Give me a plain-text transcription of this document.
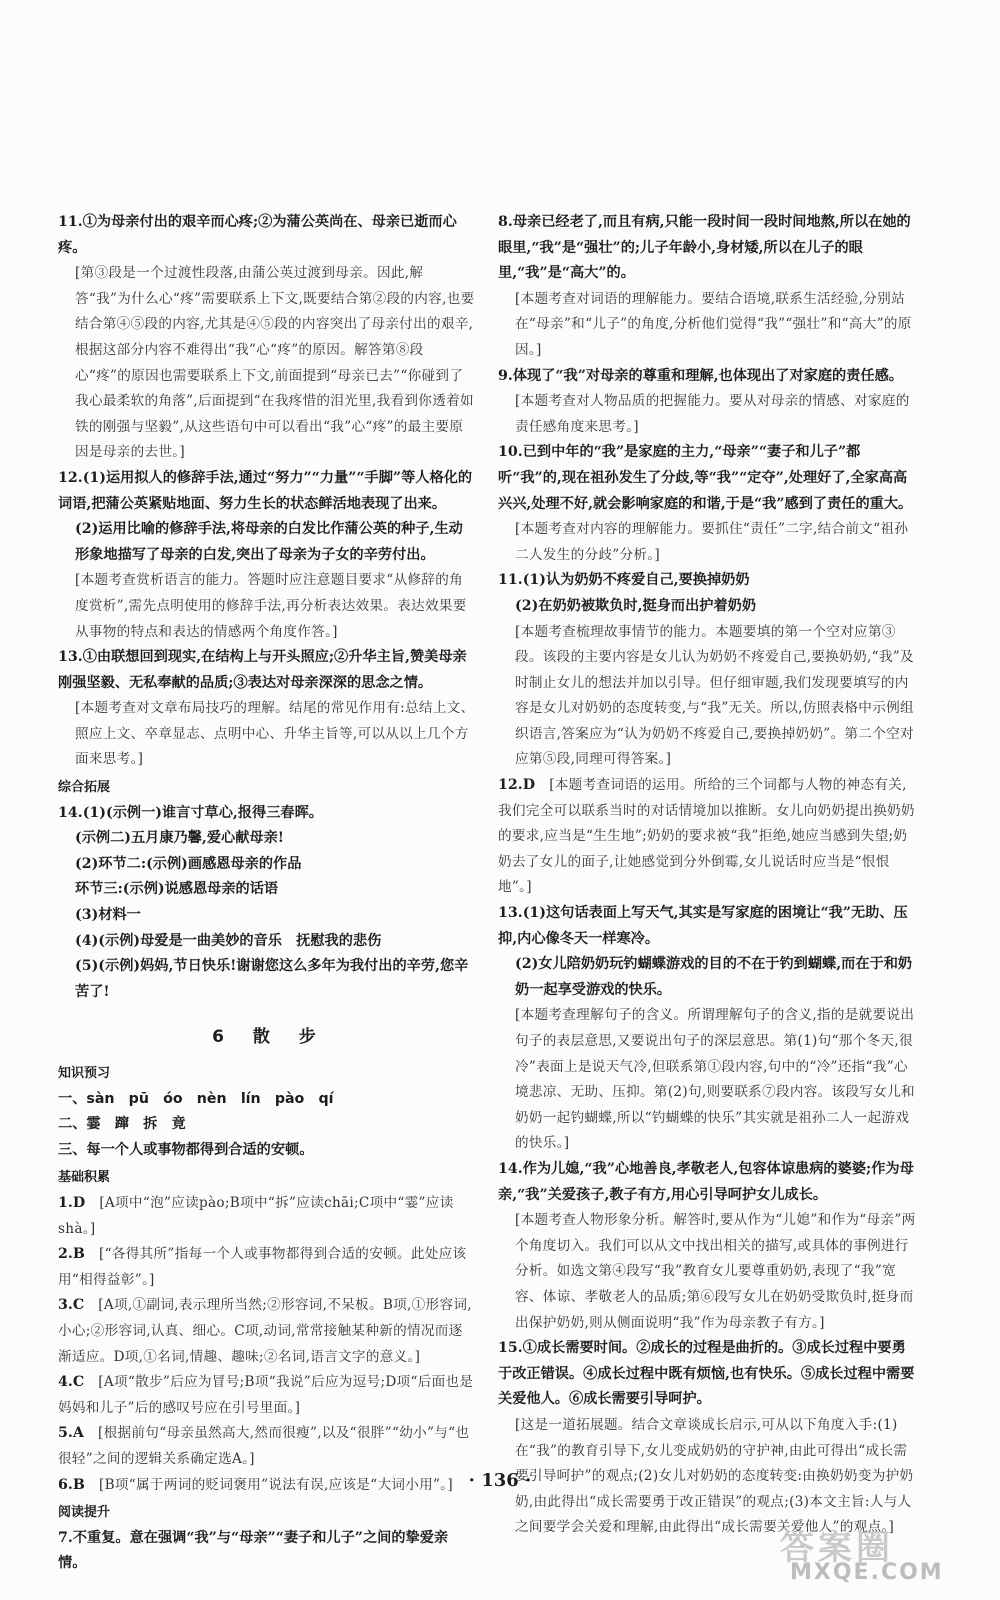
11.①为母亲付出的艰辛而心疼;②为蒲公英尚在、母亲已逝而心疼。
[第③段是一个过渡性段落,由蒲公英过渡到母亲。因此,解答“我”为什么心“疼”需要联系上下文,既要结合第②段的内容,也要结合第④⑤段的内容,尤其是④⑤段的内容突出了母亲付出的艰辛,根据这部分内容不难得出“我”心“疼”的原因。解答第⑧段心“疼”的原因也需要联系上下文,前面提到“母亲已去”“你碰到了我心最柔软的角落”,后面提到“在我疼惜的泪光里,我看到你透着如铁的刚强与坚毅”,从这些语句中可以看出“我”心“疼”的最主要原因是母亲的去世。]
12.(1)运用拟人的修辞手法,通过“努力”“力量”“手脚”等人格化的词语,把蒲公英紧贴地面、努力生长的状态鲜活地表现了出来。
(2)运用比喻的修辞手法,将母亲的白发比作蒲公英的种子,生动形象地描写了母亲的白发,突出了母亲为子女的辛劳付出。
[本题考查赏析语言的能力。答题时应注意题目要求“从修辞的角度赏析”,需先点明使用的修辞手法,再分析表达效果。表达效果要从事物的特点和表达的情感两个角度作答。]
13.①由联想回到现实,在结构上与开头照应;②升华主旨,赞美母亲刚强坚毅、无私奉献的品质;③表达对母亲深深的思念之情。
[本题考查对文章布局技巧的理解。结尾的常见作用有:总结上文、照应上文、卒章显志、点明中心、升华主旨等,可以从以上几个方面来思考。]
综合拓展
14.(1)(示例一)谁言寸草心,报得三春晖。
(示例二)五月康乃馨,爱心献母亲!
(2)环节二:(示例)画感恩母亲的作品
环节三:(示例)说感恩母亲的话语
(3)材料一
(4)(示例)母爱是一曲美妙的音乐　抚慰我的悲伤
(5)(示例)妈妈,节日快乐!谢谢您这么多年为我付出的辛劳,您辛苦了!
6　散　步
知识预习
一、sàn　pū　óo　nèn　lín　pào　qí
二、霎　蹿　拆　竟
三、每一个人或事物都得到合适的安顿。
基础积累
1.D  [A项中“泡”应读pào;B项中“拆”应读chāi;C项中“霎”应读shà。]
2.B  [“各得其所”指每一个人或事物都得到合适的安顿。此处应该用“相得益彰”。]
3.C  [A项,①副词,表示理所当然;②形容词,不呆板。B项,①形容词,小心;②形容词,认真、细心。C项,动词,常常接触某种新的情况而逐渐适应。D项,①名词,情趣、趣味;②名词,语言文字的意义。]
4.C  [A项“散步”后应为冒号;B项“我说”后应为逗号;D项“后面也是妈妈和儿子”后的感叹号应在引号里面。]
5.A  [根据前句“母亲虽然高大,然而很瘦”,以及“很胖”“幼小”与“也很轻”之间的逻辑关系确定选A。]
6.B  [B项“属于两词的贬词褒用”说法有误,应该是“大词小用”。]
阅读提升
7.不重复。意在强调“我”与“母亲”“妻子和儿子”之间的挚爱亲情。
8.母亲已经老了,而且有病,只能一段时间一段时间地熬,所以在她的眼里,“我”是“强壮”的;儿子年龄小,身材矮,所以在儿子的眼里,“我”是“高大”的。
[本题考查对词语的理解能力。要结合语境,联系生活经验,分别站在“母亲”和“儿子”的角度,分析他们觉得“我”“强壮”和“高大”的原因。]
9.体现了“我”对母亲的尊重和理解,也体现出了对家庭的责任感。
[本题考查对人物品质的把握能力。要从对母亲的情感、对家庭的责任感角度来思考。]
10.已到中年的“我”是家庭的主力,“母亲”“妻子和儿子”都听“我”的,现在祖孙发生了分歧,等“我”“定夺”,处理好了,全家高高兴兴,处理不好,就会影响家庭的和谐,于是“我”感到了责任的重大。
[本题考查对内容的理解能力。要抓住“责任”二字,结合前文“祖孙二人发生的分歧”分析。]
11.(1)认为奶奶不疼爱自己,要换掉奶奶
(2)在奶奶被欺负时,挺身而出护着奶奶
[本题考查梳理故事情节的能力。本题要填的第一个空对应第③段。该段的主要内容是女儿认为奶奶不疼爱自己,要换奶奶,“我”及时制止女儿的想法并加以引导。但仔细审题,我们发现要填写的内容是女儿对奶奶的态度转变,与“我”无关。所以,仿照表格中示例组织语言,答案应为“认为奶奶不疼爱自己,要换掉奶奶”。第二个空对应第⑤段,同理可得答案。]
12.D  [本题考查词语的运用。所给的三个词都与人物的神态有关,我们完全可以联系当时的对话情境加以推断。女儿向奶奶提出换奶奶的要求,应当是“生生地”;奶奶的要求被“我”拒绝,她应当感到失望;奶奶去了女儿的面子,让她感觉到分外倒霉,女儿说话时应当是“恨恨地”。]
13.(1)这句话表面上写天气,其实是写家庭的困境让“我”无助、压抑,内心像冬天一样寒冷。
(2)女儿陪奶奶玩钓蝴蝶游戏的目的不在于钓到蝴蝶,而在于和奶奶一起享受游戏的快乐。
[本题考查理解句子的含义。所谓理解句子的含义,指的是就要说出句子的表层意思,又要说出句子的深层意思。第(1)句“那个冬天,很冷”表面上是说天气冷,但联系第①段内容,句中的“冷”还指“我”心境悲凉、无助、压抑。第(2)句,则要联系⑦段内容。该段写女儿和奶奶一起钓蝴蝶,所以“钓蝴蝶的快乐”其实就是祖孙二人一起游戏的快乐。]
14.作为儿媳,“我”心地善良,孝敬老人,包容体谅患病的婆婆;作为母亲,“我”关爱孩子,教子有方,用心引导呵护女儿成长。
[本题考查人物形象分析。解答时,要从作为“儿媳”和作为“母亲”两个角度切入。我们可以从文中找出相关的描写,或具体的事例进行分析。如选文第④段写“我”教育女儿要尊重奶奶,表现了“我”宽容、体谅、孝敬老人的品质;第⑥段写女儿在奶奶受欺负时,挺身而出保护奶奶,则从侧面说明“我”作为母亲教子有方。]
15.①成长需要时间。②成长的过程是曲折的。③成长过程中要勇于改正错误。④成长过程中既有烦恼,也有快乐。⑤成长过程中需要关爱他人。⑥成长需要引导呵护。
[这是一道拓展题。结合文章谈成长启示,可从以下角度入手:(1)在“我”的教育引导下,女儿变成奶奶的守护神,由此可得出“成长需要引导呵护”的观点;(2)女儿对奶奶的态度转变:由换奶奶变为护奶奶,由此得出“成长需要勇于改正错误”的观点;(3)本文主旨:人与人之间要学会关爱和理解,由此得出“成长需要关爱他人”的观点。]
· 136 ·
答案圈
MXQE.COM
